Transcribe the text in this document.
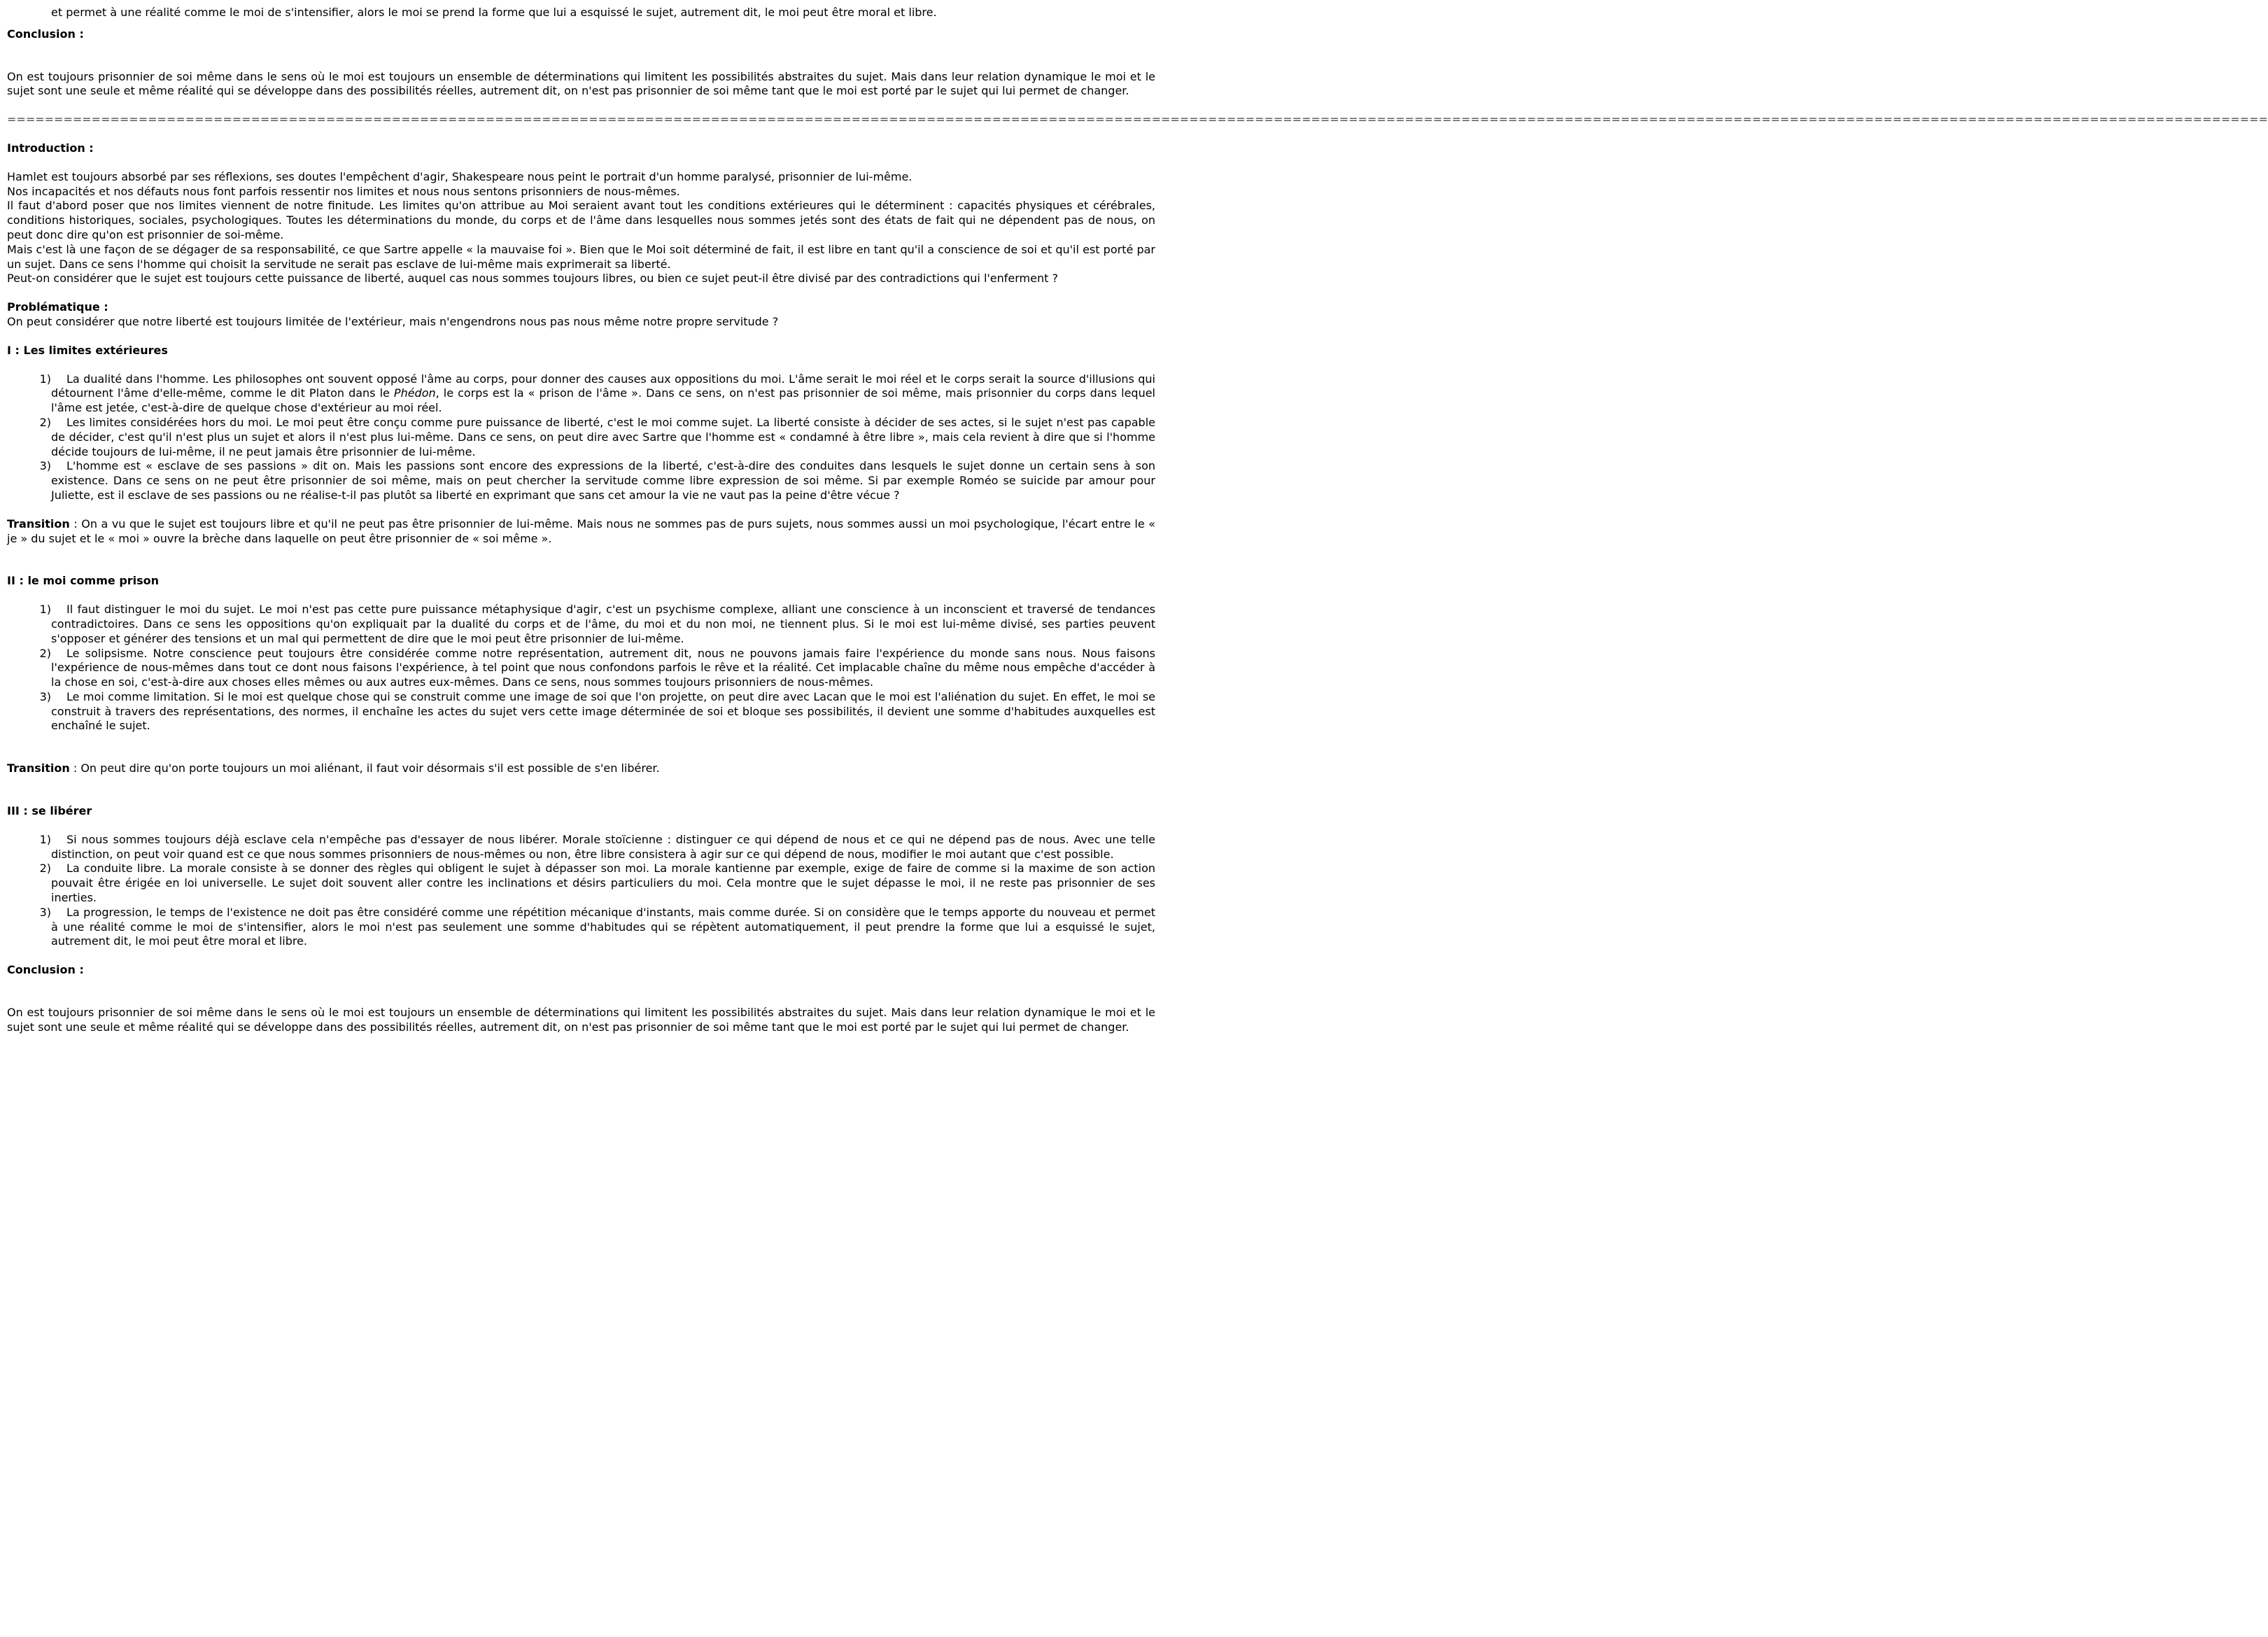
et permet à une réalité comme le moi de s'intensifier, alors le moi se prend la forme que lui a esquissé le sujet, autrement dit, le moi peut être moral et libre.

Conclusion :

On est toujours prisonnier de soi même dans le sens où le moi est toujours un ensemble de déterminations qui limitent les possibilités abstraites du sujet. Mais dans leur relation dynamique le moi et le sujet sont une seule et même réalité qui se développe dans des possibilités réelles, autrement dit, on n'est pas prisonnier de soi même tant que le moi est porté par le sujet qui lui permet de changer.

=================================================================================================================================================================================================================================================

Introduction :

Hamlet est toujours absorbé par ses réflexions, ses doutes l'empêchent d'agir, Shakespeare nous peint le portrait d'un homme paralysé, prisonnier de lui-même.

Nos incapacités et nos défauts nous font parfois ressentir nos limites et nous nous sentons prisonniers de nous-mêmes.

Il faut d'abord poser que nos limites viennent de notre finitude. Les limites qu'on attribue au Moi seraient avant tout les conditions extérieures qui le déterminent : capacités physiques et cérébrales, conditions historiques, sociales, psychologiques. Toutes les déterminations du monde, du corps et de l'âme dans lesquelles nous sommes jetés sont des états de fait qui ne dépendent pas de nous, on peut donc dire qu'on est prisonnier de soi-même.

Mais c'est là une façon de se dégager de sa responsabilité, ce que Sartre appelle « la mauvaise foi ». Bien que le Moi soit déterminé de fait, il est libre en tant qu'il a conscience de soi et qu'il est porté par un sujet. Dans ce sens l'homme qui choisit la servitude ne serait pas esclave de lui-même mais exprimerait sa liberté.

Peut-on considérer que le sujet est toujours cette puissance de liberté, auquel cas nous sommes toujours libres, ou bien ce sujet peut-il être divisé par des contradictions qui l'enferment ?

Problématique :

On peut considérer que notre liberté est toujours limitée de l'extérieur, mais n'engendrons nous pas nous même notre propre servitude ?

I : Les limites extérieures

1) La dualité dans l'homme. Les philosophes ont souvent opposé l'âme au corps, pour donner des causes aux oppositions du moi. L'âme serait le moi réel et le corps serait la source d'illusions qui détournent l'âme d'elle-même, comme le dit Platon dans le Phédon, le corps est la « prison de l'âme ». Dans ce sens, on n'est pas prisonnier de soi même, mais prisonnier du corps dans lequel l'âme est jetée, c'est-à-dire de quelque chose d'extérieur au moi réel.
2) Les limites considérées hors du moi. Le moi peut être conçu comme pure puissance de liberté, c'est le moi comme sujet. La liberté consiste à décider de ses actes, si le sujet n'est pas capable de décider, c'est qu'il n'est plus un sujet et alors il n'est plus lui-même. Dans ce sens, on peut dire avec Sartre que l'homme est « condamné à être libre », mais cela revient à dire que si l'homme décide toujours de lui-même, il ne peut jamais être prisonnier de lui-même.
3) L'homme est « esclave de ses passions » dit on. Mais les passions sont encore des expressions de la liberté, c'est-à-dire des conduites dans lesquels le sujet donne un certain sens à son existence. Dans ce sens on ne peut être prisonnier de soi même, mais on peut chercher la servitude comme libre expression de soi même. Si par exemple Roméo se suicide par amour pour Juliette, est il esclave de ses passions ou ne réalise-t-il pas plutôt sa liberté en exprimant que sans cet amour la vie ne vaut pas la peine d'être vécue ?

Transition : On a vu que le sujet est toujours libre et qu'il ne peut pas être prisonnier de lui-même. Mais nous ne sommes pas de purs sujets, nous sommes aussi un moi psychologique, l'écart entre le « je » du sujet et le « moi » ouvre la brèche dans laquelle on peut être prisonnier de « soi même ».

II : le moi comme prison

1) Il faut distinguer le moi du sujet. Le moi n'est pas cette pure puissance métaphysique d'agir, c'est un psychisme complexe, alliant une conscience à un inconscient et traversé de tendances contradictoires. Dans ce sens les oppositions qu'on expliquait par la dualité du corps et de l'âme, du moi et du non moi, ne tiennent plus. Si le moi est lui-même divisé, ses parties peuvent s'opposer et générer des tensions et un mal qui permettent de dire que le moi peut être prisonnier de lui-même.
2) Le solipsisme. Notre conscience peut toujours être considérée comme notre représentation, autrement dit, nous ne pouvons jamais faire l'expérience du monde sans nous. Nous faisons l'expérience de nous-mêmes dans tout ce dont nous faisons l'expérience, à tel point que nous confondons parfois le rêve et la réalité. Cet implacable chaîne du même nous empêche d'accéder à la chose en soi, c'est-à-dire aux choses elles mêmes ou aux autres eux-mêmes. Dans ce sens, nous sommes toujours prisonniers de nous-mêmes.
3) Le moi comme limitation. Si le moi est quelque chose qui se construit comme une image de soi que l'on projette, on peut dire avec Lacan que le moi est l'aliénation du sujet. En effet, le moi se construit à travers des représentations, des normes, il enchaîne les actes du sujet vers cette image déterminée de soi et bloque ses possibilités, il devient une somme d'habitudes auxquelles est enchaîné le sujet.

Transition : On peut dire qu'on porte toujours un moi aliénant, il faut voir désormais s'il est possible de s'en libérer.

III : se libérer

1) Si nous sommes toujours déjà esclave cela n'empêche pas d'essayer de nous libérer. Morale stoïcienne : distinguer ce qui dépend de nous et ce qui ne dépend pas de nous. Avec une telle distinction, on peut voir quand est ce que nous sommes prisonniers de nous-mêmes ou non, être libre consistera à agir sur ce qui dépend de nous, modifier le moi autant que c'est possible.
2) La conduite libre. La morale consiste à se donner des règles qui obligent le sujet à dépasser son moi. La morale kantienne par exemple, exige de faire de comme si la maxime de son action pouvait être érigée en loi universelle. Le sujet doit souvent aller contre les inclinations et désirs particuliers du moi. Cela montre que le sujet dépasse le moi, il ne reste pas prisonnier de ses inerties.
3) La progression, le temps de l'existence ne doit pas être considéré comme une répétition mécanique d'instants, mais comme durée. Si on considère que le temps apporte du nouveau et permet à une réalité comme le moi de s'intensifier, alors le moi n'est pas seulement une somme d'habitudes qui se répètent automatiquement, il peut prendre la forme que lui a esquissé le sujet, autrement dit, le moi peut être moral et libre.

Conclusion :

On est toujours prisonnier de soi même dans le sens où le moi est toujours un ensemble de déterminations qui limitent les possibilités abstraites du sujet. Mais dans leur relation dynamique le moi et le sujet sont une seule et même réalité qui se développe dans des possibilités réelles, autrement dit, on n'est pas prisonnier de soi même tant que le moi est porté par le sujet qui lui permet de changer.
